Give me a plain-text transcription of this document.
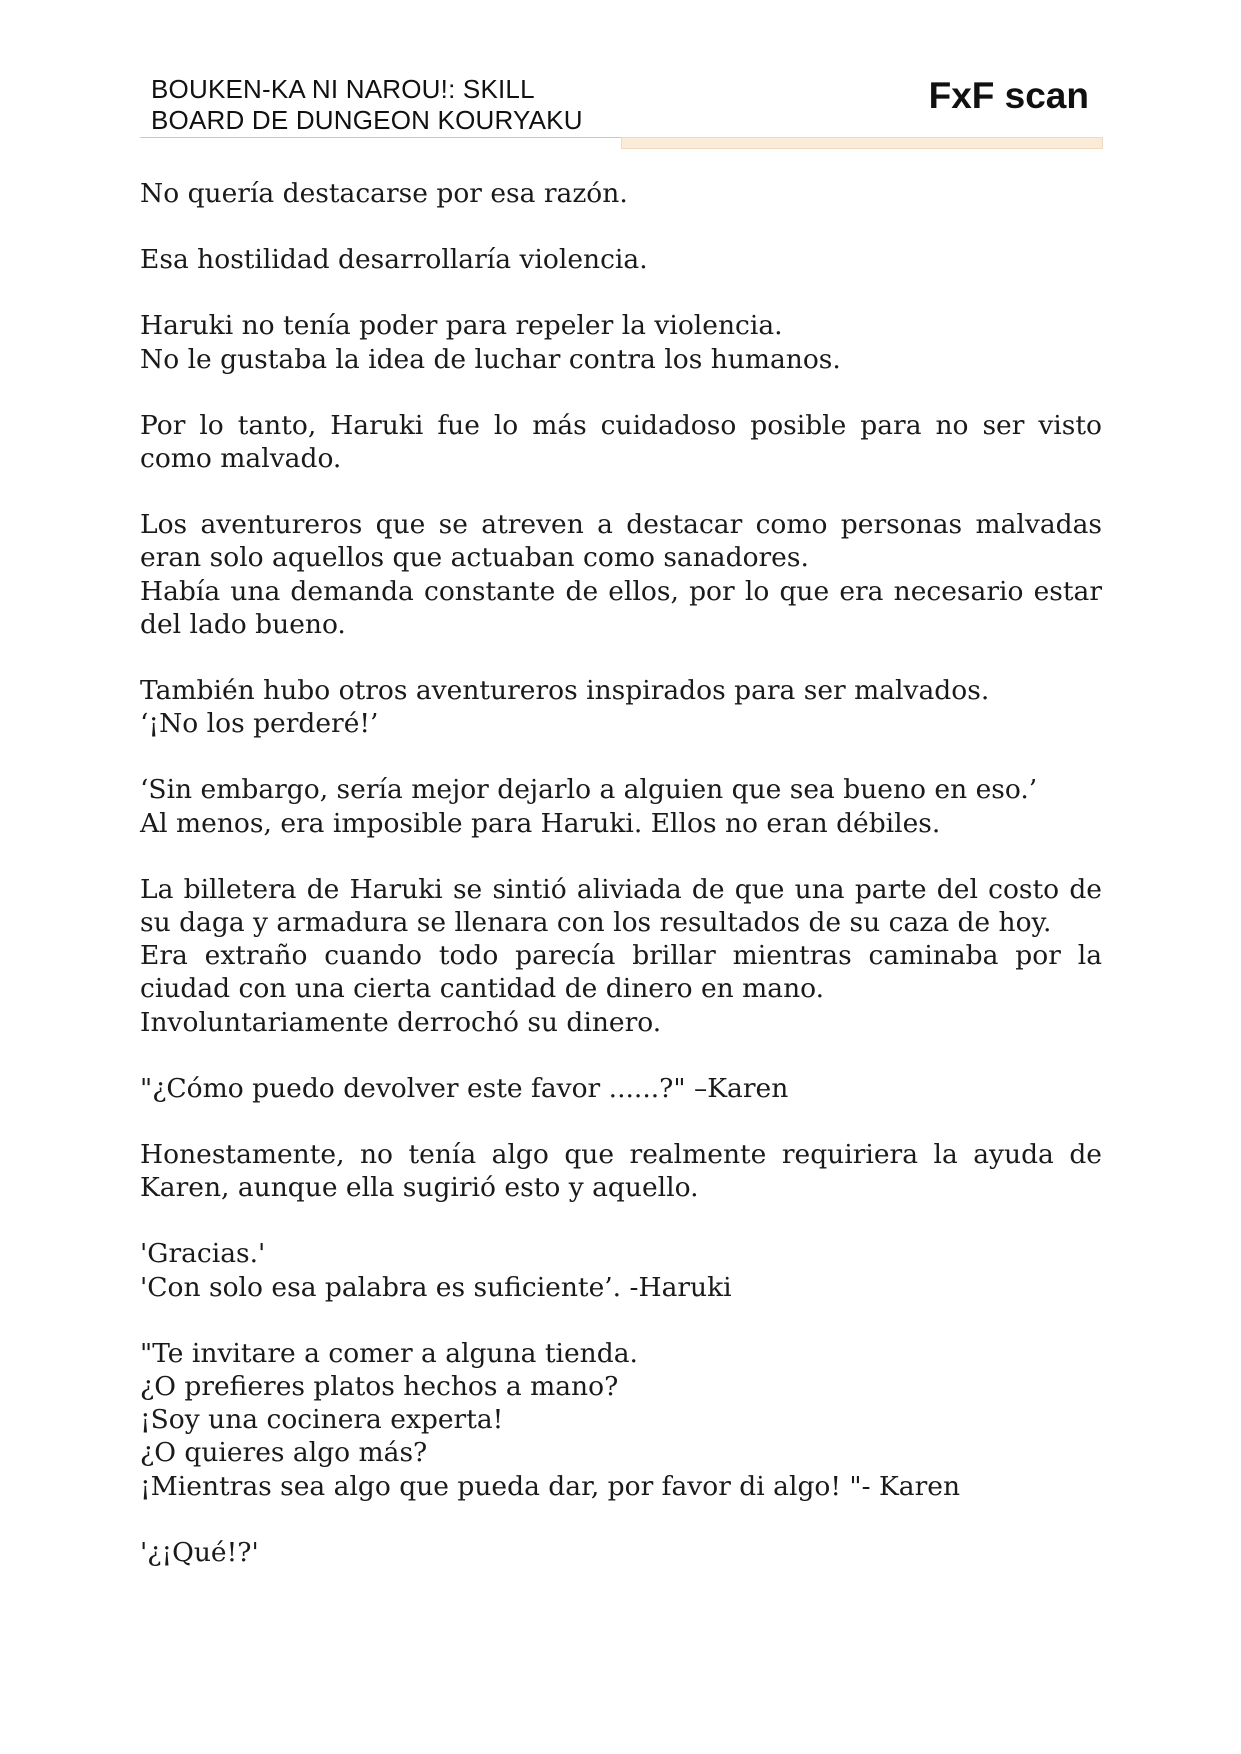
BOUKEN-KA NI NAROU!: SKILL
BOARD DE DUNGEON KOURYAKU
FxF scan

No quería destacarse por esa razón.

Esa hostilidad desarrollaría violencia.

Haruki no tenía poder para repeler la violencia.
No le gustaba la idea de luchar contra los humanos.

Por lo tanto, Haruki fue lo más cuidadoso posible para no ser visto como malvado.

Los aventureros que se atreven a destacar como personas malvadas eran solo aquellos que actuaban como sanadores.
Había una demanda constante de ellos, por lo que era necesario estar del lado bueno.

También hubo otros aventureros inspirados para ser malvados.
‘¡No los perderé!’

‘Sin embargo, sería mejor dejarlo a alguien que sea bueno en eso.’
Al menos, era imposible para Haruki. Ellos no eran débiles.

La billetera de Haruki se sintió aliviada de que una parte del costo de su daga y armadura se llenara con los resultados de su caza de hoy.
Era extraño cuando todo parecía brillar mientras caminaba por la ciudad con una cierta cantidad de dinero en mano.
Involuntariamente derrochó su dinero.

"¿Cómo puedo devolver este favor ......?" –Karen

Honestamente, no tenía algo que realmente requiriera la ayuda de Karen, aunque ella sugirió esto y aquello.

'Gracias.'
'Con solo esa palabra es suficiente’. -Haruki

"Te invitare a comer a alguna tienda.
¿O prefieres platos hechos a mano?
¡Soy una cocinera experta!
¿O quieres algo más?
¡Mientras sea algo que pueda dar, por favor di algo! "- Karen

'¿¡Qué!?'
